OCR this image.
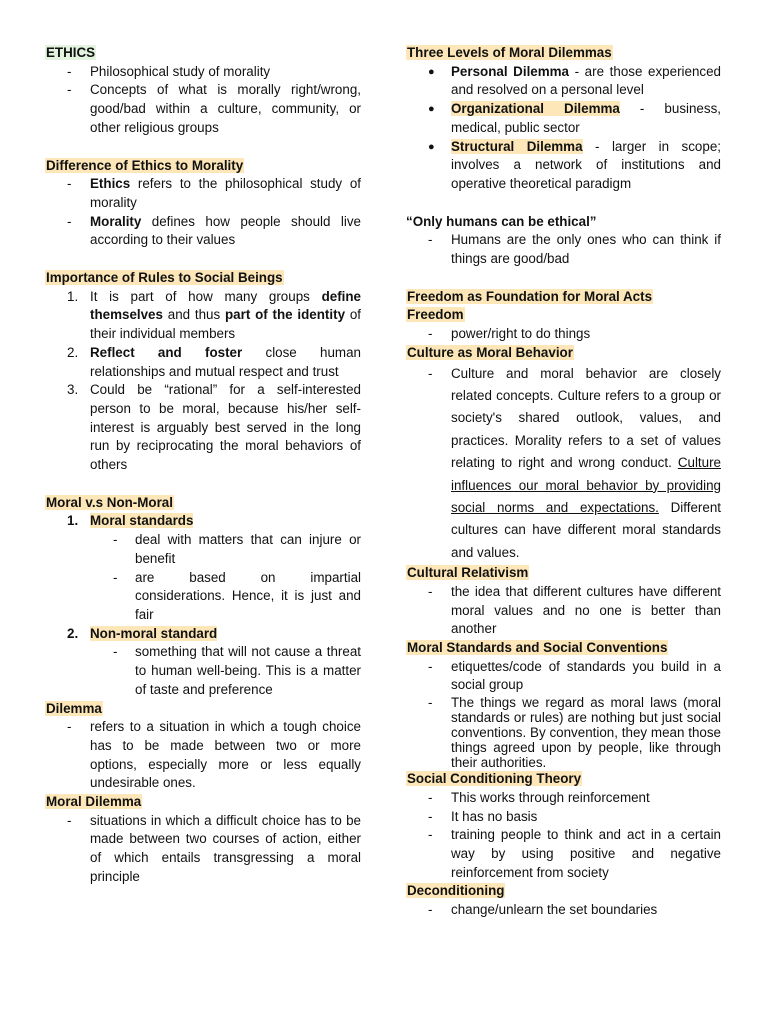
ETHICS
- Philosophical study of morality
- Concepts of what is morally right/wrong, good/bad within a culture, community, or other religious groups
Difference of Ethics to Morality
- Ethics refers to the philosophical study of morality
- Morality defines how people should live according to their values
Importance of Rules to Social Beings
1. It is part of how many groups define themselves and thus part of the identity of their individual members
2. Reflect and foster close human relationships and mutual respect and trust
3. Could be “rational” for a self-interested person to be moral, because his/her self-interest is arguably best served in the long run by reciprocating the moral behaviors of others
Moral v.s Non-Moral
1. Moral standards
- deal with matters that can injure or benefit
- are based on impartial considerations. Hence, it is just and fair
2. Non-moral standard
- something that will not cause a threat to human well-being. This is a matter of taste and preference
Dilemma
- refers to a situation in which a tough choice has to be made between two or more options, especially more or less equally undesirable ones.
Moral Dilemma
- situations in which a difficult choice has to be made between two courses of action, either of which entails transgressing a moral principle
Three Levels of Moral Dilemmas
● Personal Dilemma - are those experienced and resolved on a personal level
● Organizational Dilemma - business, medical, public sector
● Structural Dilemma - larger in scope; involves a network of institutions and operative theoretical paradigm
“Only humans can be ethical”
- Humans are the only ones who can think if things are good/bad
Freedom as Foundation for Moral Acts
Freedom
- power/right to do things
Culture as Moral Behavior
- Culture and moral behavior are closely related concepts. Culture refers to a group or society's shared outlook, values, and practices. Morality refers to a set of values relating to right and wrong conduct. Culture influences our moral behavior by providing social norms and expectations. Different cultures can have different moral standards and values.
Cultural Relativism
- the idea that different cultures have different moral values and no one is better than another
Moral Standards and Social Conventions
- etiquettes/code of standards you build in a social group
- The things we regard as moral laws (moral standards or rules) are nothing but just social conventions. By convention, they mean those things agreed upon by people, like through their authorities.
Social Conditioning Theory
- This works through reinforcement
- It has no basis
- training people to think and act in a certain way by using positive and negative reinforcement from society
Deconditioning
- change/unlearn the set boundaries
